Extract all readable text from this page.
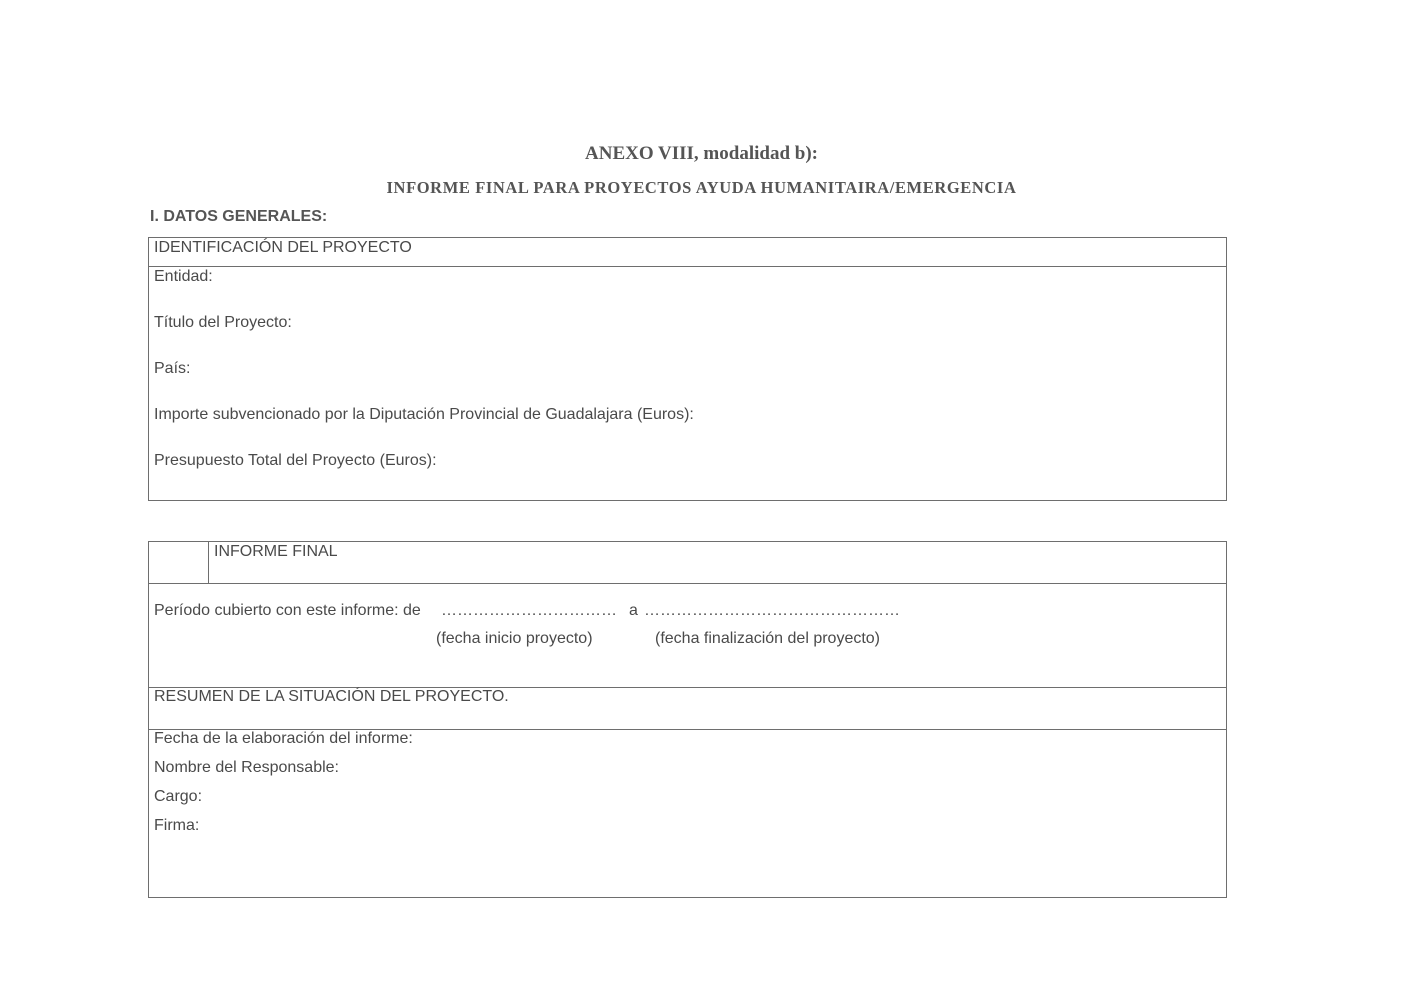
ANEXO VIII, modalidad b):
INFORME FINAL PARA PROYECTOS AYUDA HUMANITAIRA/EMERGENCIA
I. DATOS GENERALES:
IDENTIFICACIÓN DEL PROYECTO
Entidad:
Título del Proyecto:
País:
Importe subvencionado por la Diputación Provincial de Guadalajara (Euros):
Presupuesto Total del Proyecto (Euros):
INFORME FINAL
Período cubierto con este informe: de …………………………… a …………………………………………
(fecha inicio proyecto)	(fecha finalización del proyecto)
RESUMEN DE LA SITUACIÓN DEL PROYECTO.
Fecha de la elaboración del informe:
Nombre del Responsable:
Cargo:
Firma:
